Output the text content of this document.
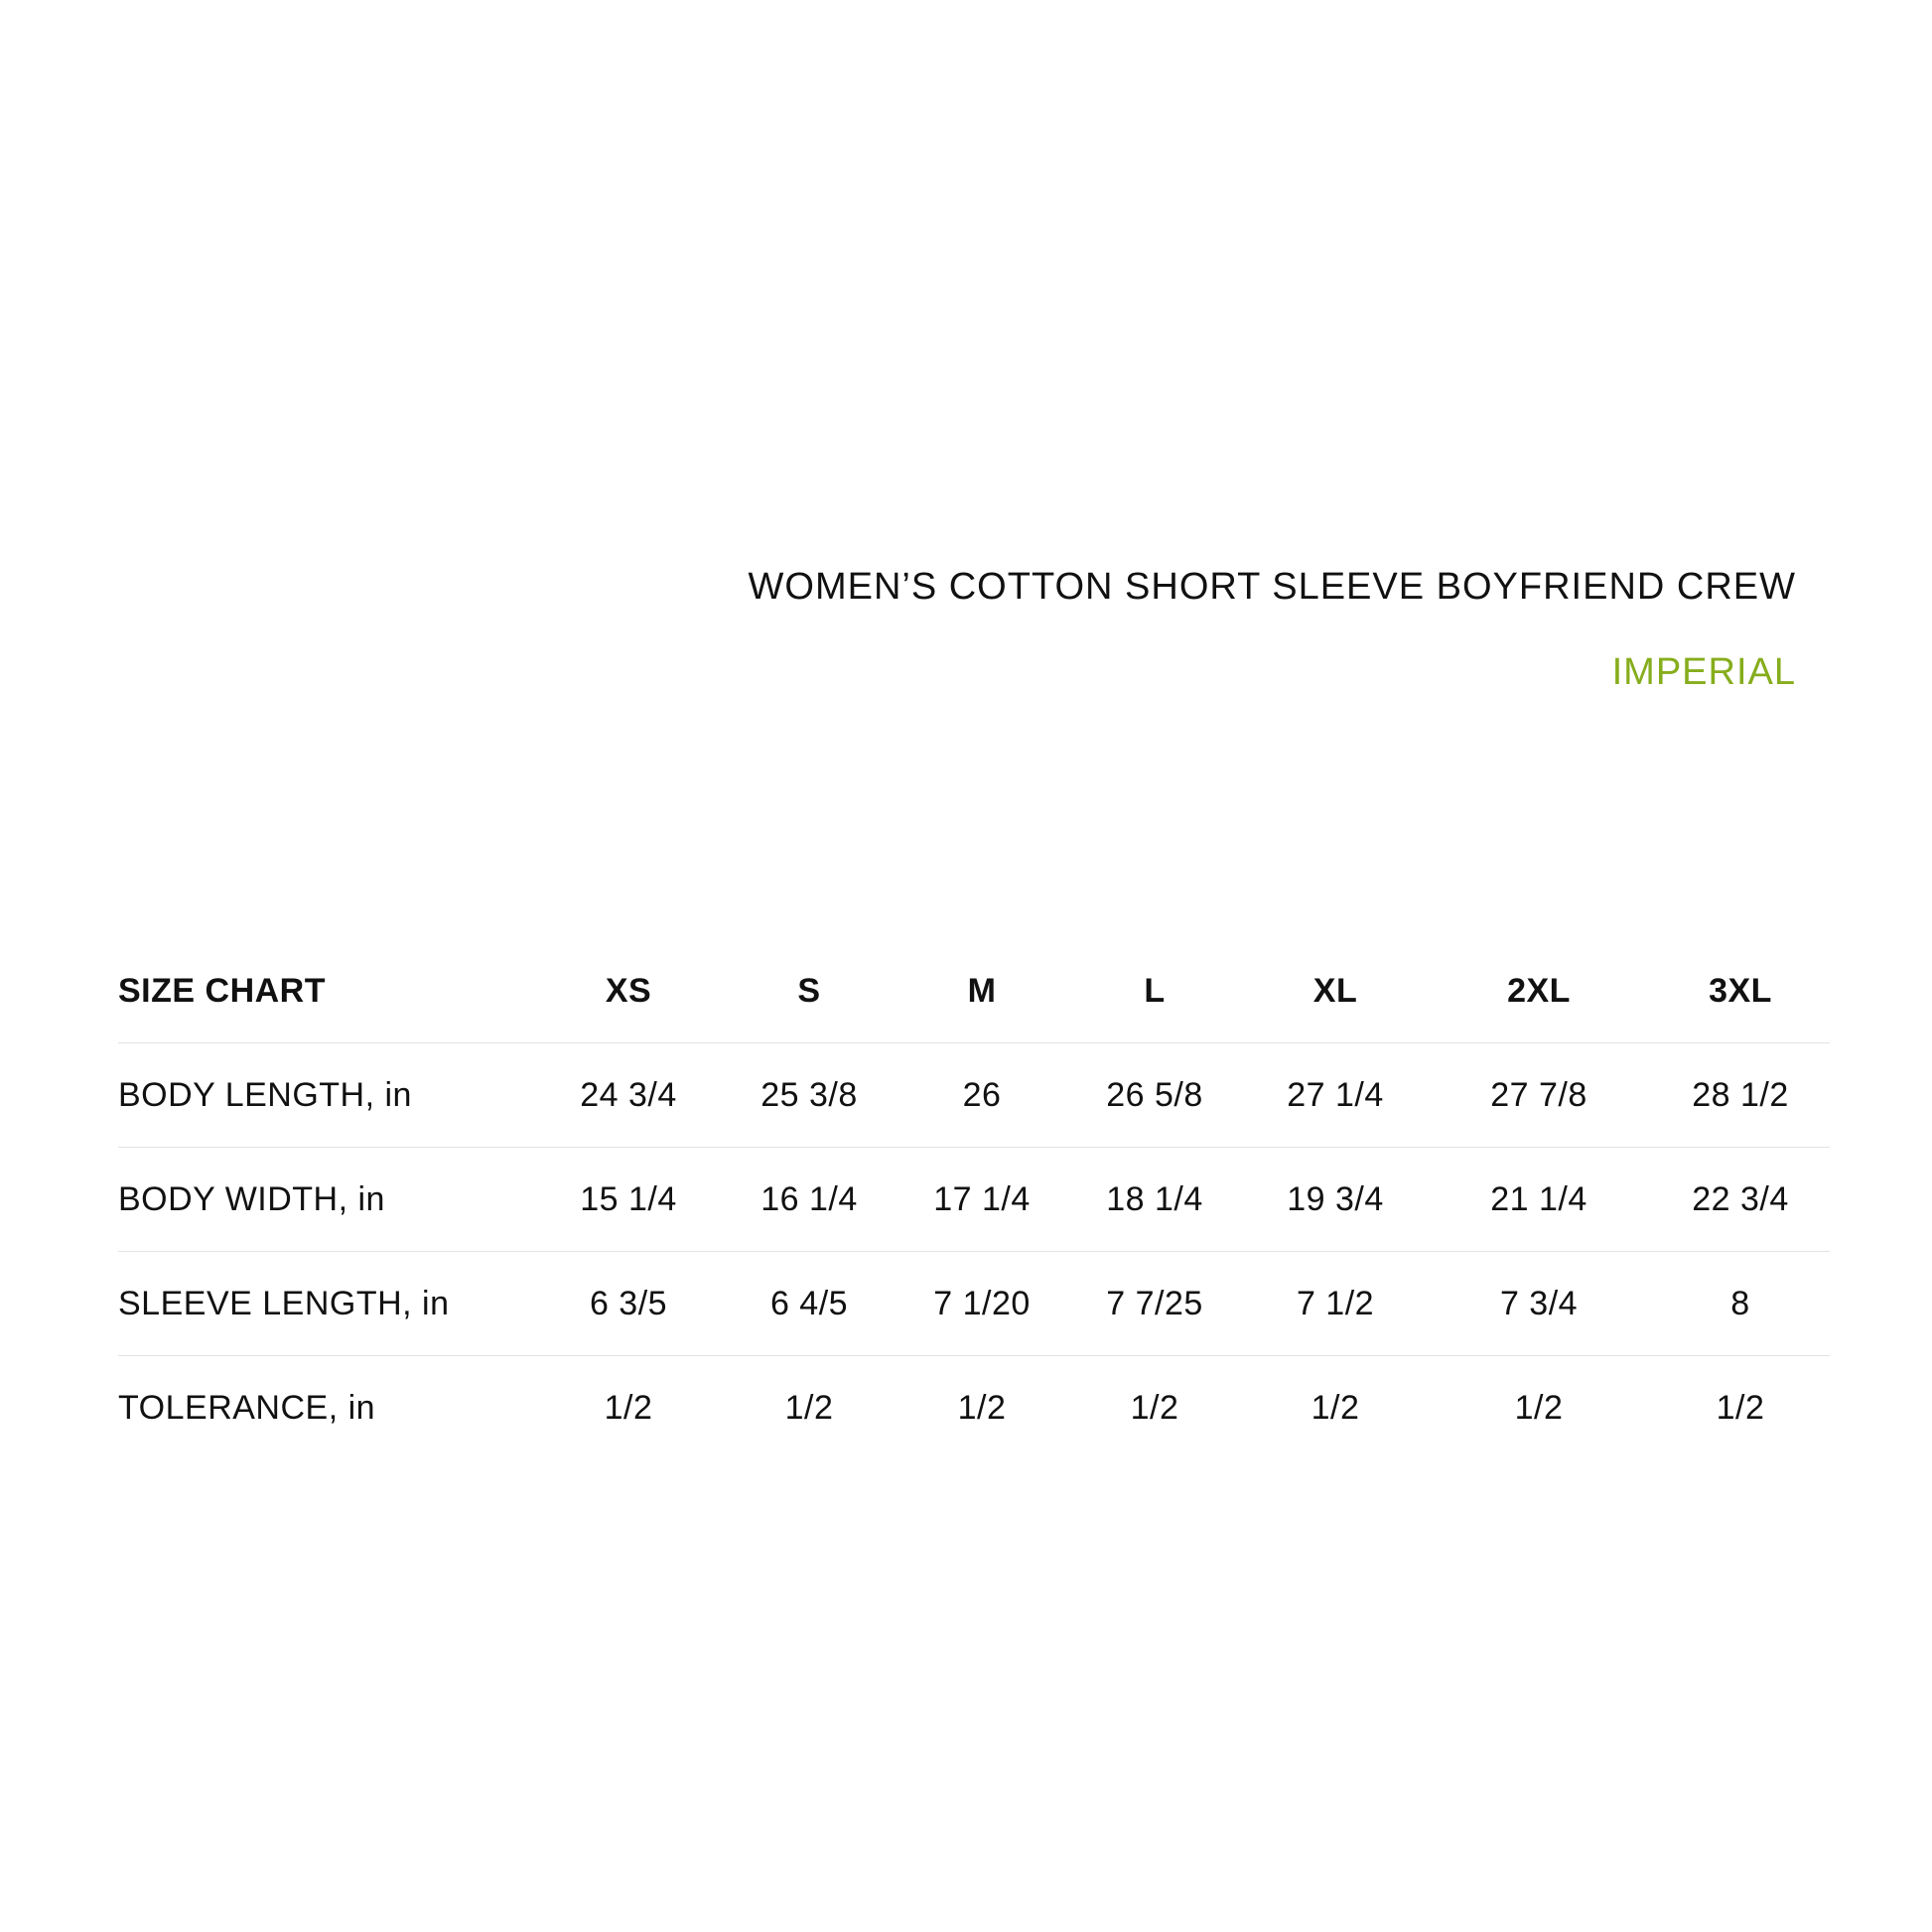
WOMEN’S COTTON SHORT SLEEVE BOYFRIEND CREW
IMPERIAL
SIZE CHART	XS	S	M	L	XL	2XL	3XL
BODY LENGTH, in	24 3/4	25 3/8	26	26 5/8	27 1/4	27 7/8	28 1/2
BODY WIDTH, in	15 1/4	16 1/4	17 1/4	18 1/4	19 3/4	21 1/4	22 3/4
SLEEVE LENGTH, in	6 3/5	6 4/5	7 1/20	7 7/25	7 1/2	7 3/4	8
TOLERANCE, in	1/2	1/2	1/2	1/2	1/2	1/2	1/2
